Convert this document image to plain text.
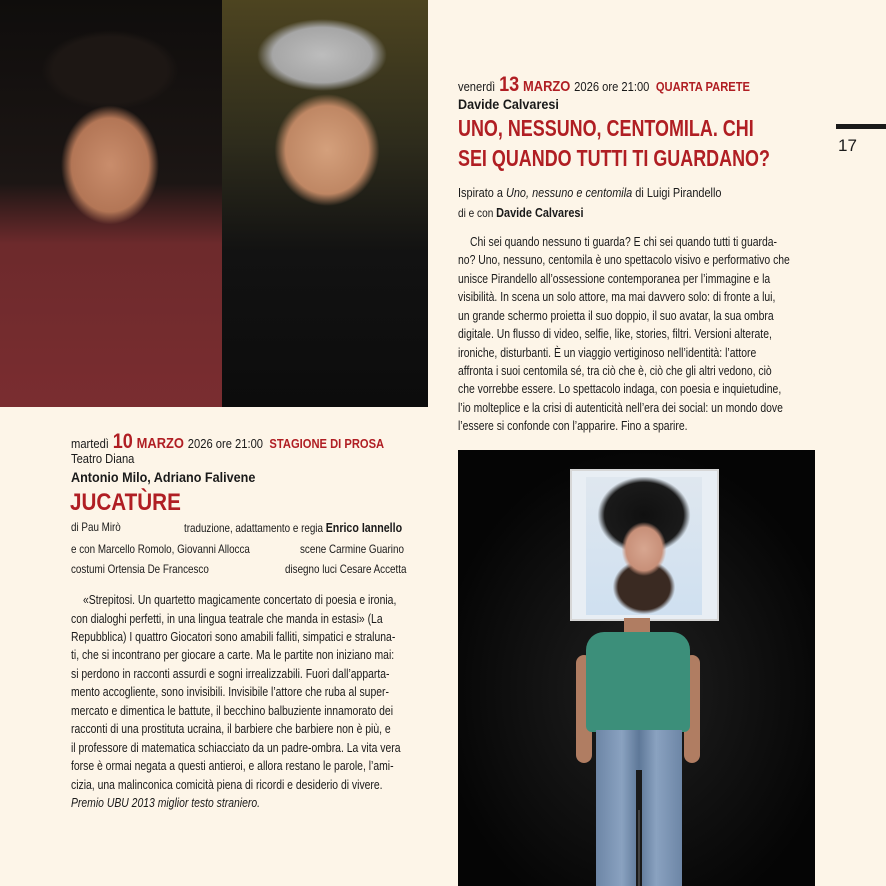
17
martedì 10 MARZO 2026 ore 21:00 STAGIONE DI PROSA
Teatro Diana
Antonio Milo, Adriano Falivene
JUCATÙRE
di Pau Mirò	traduzione, adattamento e regia Enrico Iannello
e con Marcello Romolo, Giovanni Allocca	scene Carmine Guarino
costumi Ortensia De Francesco	disegno luci Cesare Accetta
«Strepitosi. Un quartetto magicamente concertato di poesia e ironia,
con dialoghi perfetti, in una lingua teatrale che manda in estasi» (La
Repubblica) I quattro Giocatori sono amabili falliti, simpatici e stralunа-
ti, che si incontrano per giocare a carte. Ma le partite non iniziano mai:
si perdono in racconti assurdi e sogni irrealizzabili. Fuori dall’apparta-
mento accogliente, sono invisibili. Invisibile l’attore che ruba al super-
mercato e dimentica le battute, il becchino balbuziente innamorato dei
racconti di una prostituta ucraina, il barbiere che barbiere non è più, e
il professore di matematica schiacciato da un padre-ombra. La vita vera
forse è ormai negata a questi antieroi, e allora restano le parole, l’ami-
cizia, una malinconica comicità piena di ricordi e desiderio di vivere.
Premio UBU 2013 miglior testo straniero.
venerdì 13 MARZO 2026 ore 21:00 QUARTA PARETE
Davide Calvaresi
UNO, NESSUNO, CENTOMILA. CHI
SEI QUANDO TUTTI TI GUARDANO?
Ispirato a Uno, nessuno e centomila di Luigi Pirandello
di e con Davide Calvaresi
Chi sei quando nessuno ti guarda? E chi sei quando tutti ti guarda-
no? Uno, nessuno, centomila è uno spettacolo visivo e performativo che
unisce Pirandello all’ossessione contemporanea per l’immagine e la
visibilità. In scena un solo attore, ma mai davvero solo: di fronte a lui,
un grande schermo proietta il suo doppio, il suo avatar, la sua ombra
digitale. Un flusso di video, selfie, like, stories, filtri. Versioni alterate,
ironiche, disturbanti. È un viaggio vertiginoso nell’identità: l’attore
affronta i suoi centomila sé, tra ciò che è, ciò che gli altri vedono, ciò
che vorrebbe essere. Lo spettacolo indaga, con poesia e inquietudine,
l’io molteplice e la crisi di autenticità nell’era dei social: un mondo dove
l’essere si confonde con l’apparire. Fino a sparire.
